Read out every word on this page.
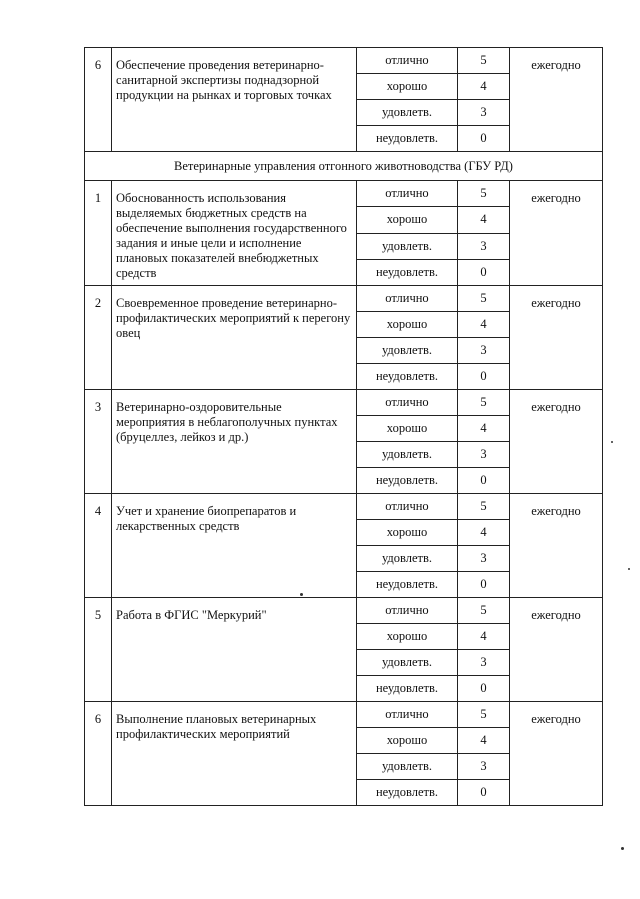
6	Обеспечение проведения ветеринарно-санитарной экспертизы поднадзорной продукции на рынках и торговых точках	отлично	5	ежегодно
		хорошо	4	
		удовлетв.	3	
		неудовлетв.	0	
Ветеринарные управления отгонного животноводства (ГБУ РД)				
1	Обоснованность использования выделяемых бюджетных средств на обеспечение выполнения государственного задания и иные цели и исполнение плановых показателей внебюджетных средств	отлично	5	ежегодно
		хорошо	4	
		удовлетв.	3	
		неудовлетв.	0	
2	Своевременное проведение ветеринарно-профилактических мероприятий к перегону овец	отлично	5	ежегодно
		хорошо	4	
		удовлетв.	3	
		неудовлетв.	0	
3	Ветеринарно-оздоровительные мероприятия в неблагополучных пунктах (бруцеллез, лейкоз и др.)	отлично	5	ежегодно
		хорошо	4	
		удовлетв.	3	
		неудовлетв.	0	
4	Учет и хранение биопрепаратов и лекарственных средств	отлично	5	ежегодно
		хорошо	4	
		удовлетв.	3	
		неудовлетв.	0	
5	Работа в ФГИС "Меркурий"	отлично	5	ежегодно
		хорошо	4	
		удовлетв.	3	
		неудовлетв.	0	
6	Выполнение плановых ветеринарных профилактических мероприятий	отлично	5	ежегодно
		хорошо	4	
		удовлетв.	3	
		неудовлетв.	0	
